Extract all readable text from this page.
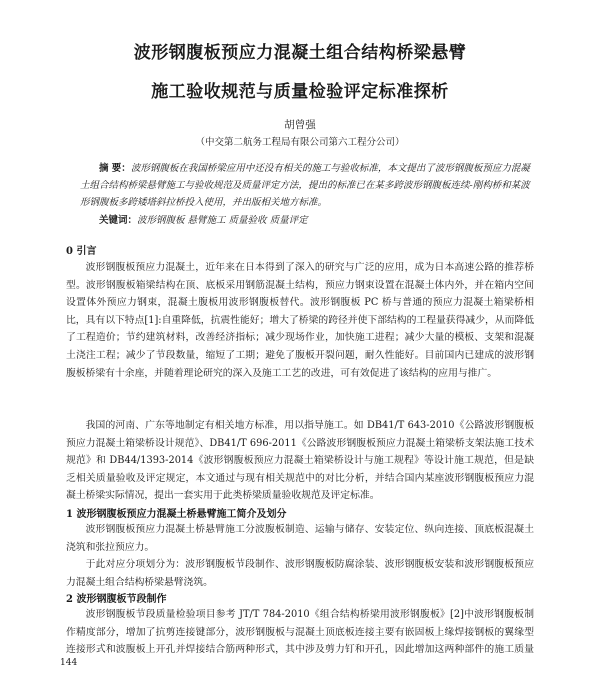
波形钢腹板预应力混凝土组合结构桥梁悬臂
施工验收规范与质量检验评定标准探析
胡曾强
（中交第二航务工程局有限公司第六工程分公司）
摘 要：波形钢腹板在我国桥梁应用中还没有相关的施工与验收标准，本文提出了波形钢腹板预应力混凝土组合结构桥梁悬臂施工与验收规范及质量评定方法，提出的标准已在某多跨波形钢腹板连续-刚构桥和某波形钢腹板多跨矮塔斜拉桥投入使用，并出版相关地方标准。
关键词：波形钢腹板 悬臂施工 质量验收 质量评定
0 引言
波形钢腹板预应力混凝土，近年来在日本得到了深入的研究与广泛的应用，成为日本高速公路的推荐桥型。波形钢腹板箱梁结构在顶、底板采用钢筋混凝土结构，预应力钢束设置在混凝土体内外，并在箱内空间设置体外预应力钢束，混凝土腹板用波形钢腹板替代。波形钢腹板 PC 桥与普通的预应力混凝土箱梁桥相比，具有以下特点[1]:自重降低，抗震性能好；增大了桥梁的跨径并使下部结构的工程量获得减少，从而降低了工程造价；节约建筑材料，改善经济指标；减少现场作业，加快施工进程；减少大量的模板、支架和混凝土浇注工程；减少了节段数量，缩短了工期；避免了腹板开裂问题，耐久性能好。目前国内已建成的波形钢腹板桥梁有十余座，并随着理论研究的深入及施工工艺的改进，可有效促进了该结构的应用与推广。
我国的河南、广东等地制定有相关地方标准，用以指导施工。如 DB41/T 643-2010《公路波形钢腹板预应力混凝土箱梁桥设计规范》、DB41/T 696-2011《公路波形钢腹板预应力混凝土箱梁桥支架法施工技术规范》和 DB44/1393-2014《波形钢腹板预应力混凝土箱梁桥设计与施工规程》等设计施工规范，但是缺乏相关质量验收及评定规定，本文通过与现有相关规范中的对比分析，并结合国内某座波形钢腹板预应力混凝土桥梁实际情况，提出一套实用于此类桥梁质量验收规范及评定标准。
1 波形钢腹板预应力混凝土桥悬臂施工简介及划分
波形钢腹板预应力混凝土桥悬臂施工分波腹板制造、运输与储存、安装定位、纵向连接、顶底板混凝土浇筑和张拉预应力。
于此对应分项划分为：波形钢腹板节段制作、波形钢腹板防腐涂装、波形钢腹板安装和波形钢腹板预应力混凝土组合结构桥梁悬臂浇筑。
2 波形钢腹板节段制作
波形钢腹板节段质量检验项目参考 JT/T 784-2010《组合结构桥梁用波形钢腹板》[2]中波形钢腹板制作精度部分，增加了抗剪连接键部分，波形钢腹板与混凝土顶底板连接主要有嵌固板上缘焊接钢板的翼缘型连接形式和波腹板上开孔并焊接结合筋两种形式，其中涉及剪力钉和开孔，因此增加这两种部件的施工质量
144
